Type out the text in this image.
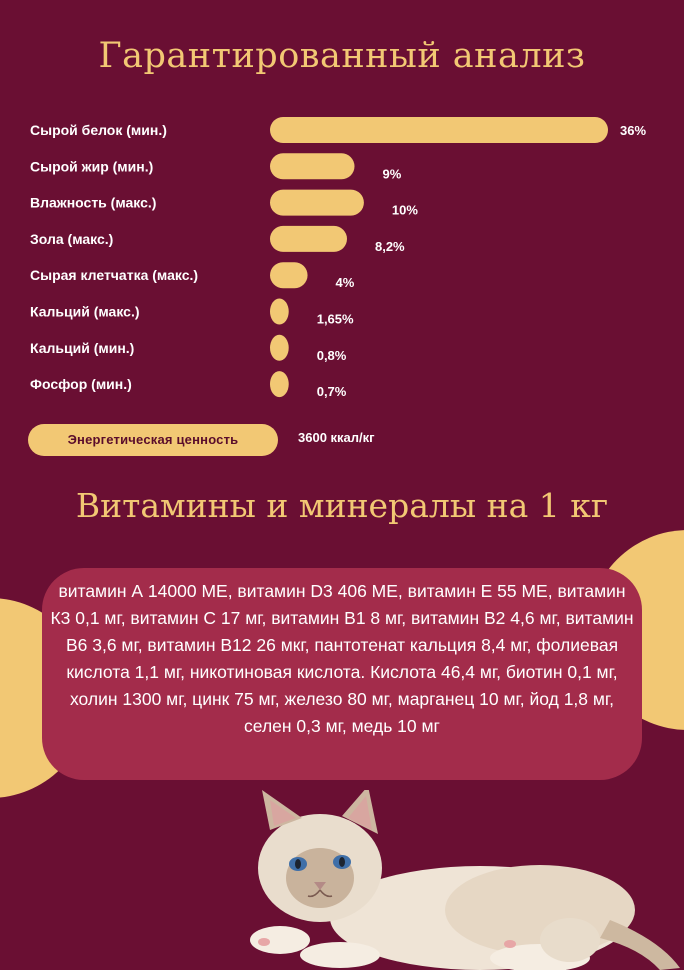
Гарантированный анализ
Сырой белок (мин.)	36%
Сырой жир (мин.)	9%
Влажность (макс.)	10%
Зола (макс.)	8,2%
Сырая клетчатка (макс.)	4%
Кальций (макс.)	1,65%
Кальций (мин.)	0,8%
Фосфор (мин.)	0,7%
Энергетическая ценность	3600 ккал/кг
Витамины и минералы на 1 кг
витамин А 14000 МЕ, витамин D3 406 МЕ, витамин Е 55 МЕ, витамин К3 0,1 мг, витамин С 17 мг, витамин В1 8 мг, витамин В2 4,6 мг, витамин В6 3,6 мг, витамин В12 26 мкг, пантотенат кальция 8,4 мг, фолиевая кислота 1,1 мг, никотиновая кислота. Кислота 46,4 мг, биотин 0,1 мг, холин 1300 мг, цинк 75 мг, железо 80 мг, марганец 10 мг, йод 1,8 мг, селен 0,3 мг, медь 10 мг
